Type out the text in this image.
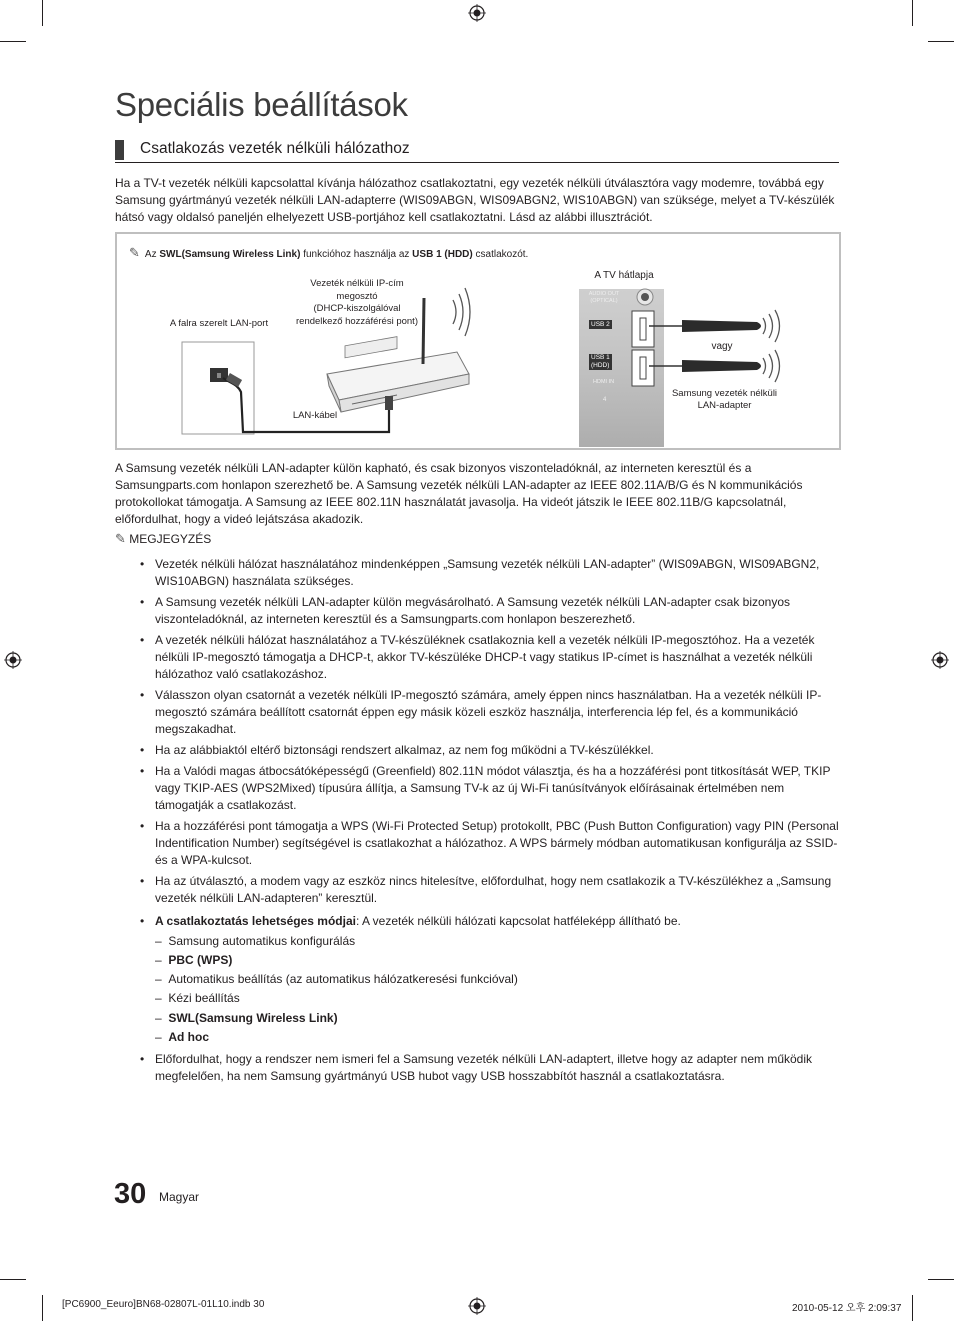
Speciális beállítások
Csatlakozás vezeték nélküli hálózathoz
Ha a TV-t vezeték nélküli kapcsolattal kívánja hálózathoz csatlakoztatni, egy vezeték nélküli útválasztóra vagy modemre, továbbá egy Samsung gyártmányú vezeték nélküli LAN-adapterre (WIS09ABGN, WIS09ABGN2, WIS10ABGN) van szüksége, melyet a TV-készülék hátsó vagy oldalsó paneljén elhelyezett USB-portjához kell csatlakoztatni. Lásd az alábbi illusztrációt.
✎ Az SWL(Samsung Wireless Link) funkcióhoz használja az USB 1 (HDD) csatlakozót.
AUDIO OUT
(OPTICAL)
USB 2
USB 1
(HDD)
HDMI IN
4
A falra szerelt LAN-port
Vezeték nélküli IP-cím
megosztó
(DHCP-kiszolgálóval
rendelkező hozzáférési pont)
LAN-kábel
A TV hátlapja
vagy
Samsung vezeték nélküli
LAN-adapter
A Samsung vezeték nélküli LAN-adapter külön kapható, és csak bizonyos viszonteladóknál, az interneten keresztül és a Samsungparts.com honlapon szerezhető be. A Samsung vezeték nélküli LAN-adapter az IEEE 802.11A/B/G és N kommunikációs protokollokat támogatja. A Samsung az IEEE 802.11N használatát javasolja. Ha videót játszik le IEEE 802.11B/G kapcsolatnál, előfordulhat, hogy a videó lejátszása akadozik.
✎ MEGJEGYZÉS
• Vezeték nélküli hálózat használatához mindenképpen „Samsung vezeték nélküli LAN-adapter” (WIS09ABGN, WIS09ABGN2, WIS10ABGN) használata szükséges.
• A Samsung vezeték nélküli LAN-adapter külön megvásárolható. A Samsung vezeték nélküli LAN-adapter csak bizonyos viszonteladóknál, az interneten keresztül és a Samsungparts.com honlapon beszerezhető.
• A vezeték nélküli hálózat használatához a TV-készüléknek csatlakoznia kell a vezeték nélküli IP-megosztóhoz. Ha a vezeték nélküli IP-megosztó támogatja a DHCP-t, akkor TV-készüléke DHCP-t vagy statikus IP-címet is használhat a vezeték nélküli hálózathoz való csatlakozáshoz.
• Válasszon olyan csatornát a vezeték nélküli IP-megosztó számára, amely éppen nincs használatban. Ha a vezeték nélküli IP-megosztó számára beállított csatornát éppen egy másik közeli eszköz használja, interferencia lép fel, és a kommunikáció megszakadhat.
• Ha az alábbiaktól eltérő biztonsági rendszert alkalmaz, az nem fog működni a TV-készülékkel.
• Ha a Valódi magas átbocsátóképességű (Greenfield) 802.11N módot választja, és ha a hozzáférési pont titkosítását WEP, TKIP vagy TKIP-AES (WPS2Mixed) típusúra állítja, a Samsung TV-k az új Wi-Fi tanúsítványok előírásainak értelmében nem támogatják a csatlakozást.
• Ha a hozzáférési pont támogatja a WPS (Wi-Fi Protected Setup) protokollt, PBC (Push Button Configuration) vagy PIN (Personal Indentification Number) segítségével is csatlakozhat a hálózathoz. A WPS bármely módban automatikusan konfigurálja az SSID- és a WPA-kulcsot.
• Ha az útválasztó, a modem vagy az eszköz nincs hitelesítve, előfordulhat, hogy nem csatlakozik a TV-készülékhez a „Samsung vezeték nélküli LAN-adapteren” keresztül.
• A csatlakoztatás lehetséges módjai: A vezeték nélküli hálózati kapcsolat hatféleképp állítható be.
–  Samsung automatikus konfigurálás
–  PBC (WPS)
–  Automatikus beállítás (az automatikus hálózatkeresési funkcióval)
–  Kézi beállítás
–  SWL(Samsung Wireless Link)
–  Ad hoc
• Előfordulhat, hogy a rendszer nem ismeri fel a Samsung vezeték nélküli LAN-adaptert, illetve hogy az adapter nem működik megfelelően, ha nem Samsung gyártmányú USB hubot vagy USB hosszabbítót használ a csatlakoztatásra.
30 Magyar
[PC6900_Eeuro]BN68-02807L-01L10.indb 30	2010-05-12 오후 2:09:37
